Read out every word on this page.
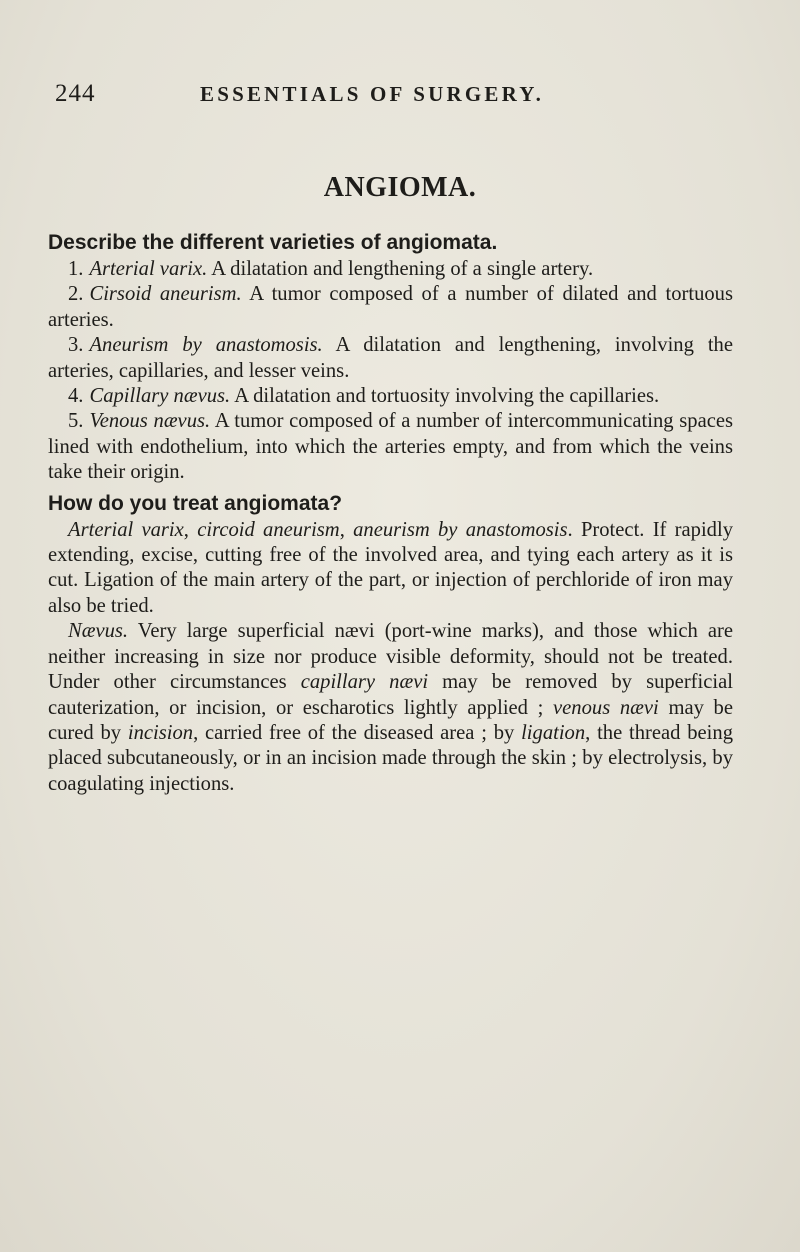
244	ESSENTIALS OF SURGERY.
ANGIOMA.

Describe the different varieties of angiomata.

1. Arterial varix. A dilatation and lengthening of a single artery.

2. Cirsoid aneurism. A tumor composed of a number of dilated and tortuous arteries.

3. Aneurism by anastomosis. A dilatation and lengthening, involving the arteries, capillaries, and lesser veins.

4. Capillary nævus. A dilatation and tortuosity involving the capillaries.

5. Venous nævus. A tumor composed of a number of intercommunicating spaces lined with endothelium, into which the arteries empty, and from which the veins take their origin.

How do you treat angiomata?

Arterial varix, circoid aneurism, aneurism by anastomosis. Protect. If rapidly extending, excise, cutting free of the involved area, and tying each artery as it is cut. Ligation of the main artery of the part, or injection of perchloride of iron may also be tried.

Nævus. Very large superficial nævi (port-wine marks), and those which are neither increasing in size nor produce visible deformity, should not be treated. Under other circumstances capillary nævi may be removed by superficial cauterization, or incision, or escharotics lightly applied ; venous nævi may be cured by incision, carried free of the diseased area ; by ligation, the thread being placed subcutaneously, or in an incision made through the skin ; by electrolysis, by coagulating injections.
